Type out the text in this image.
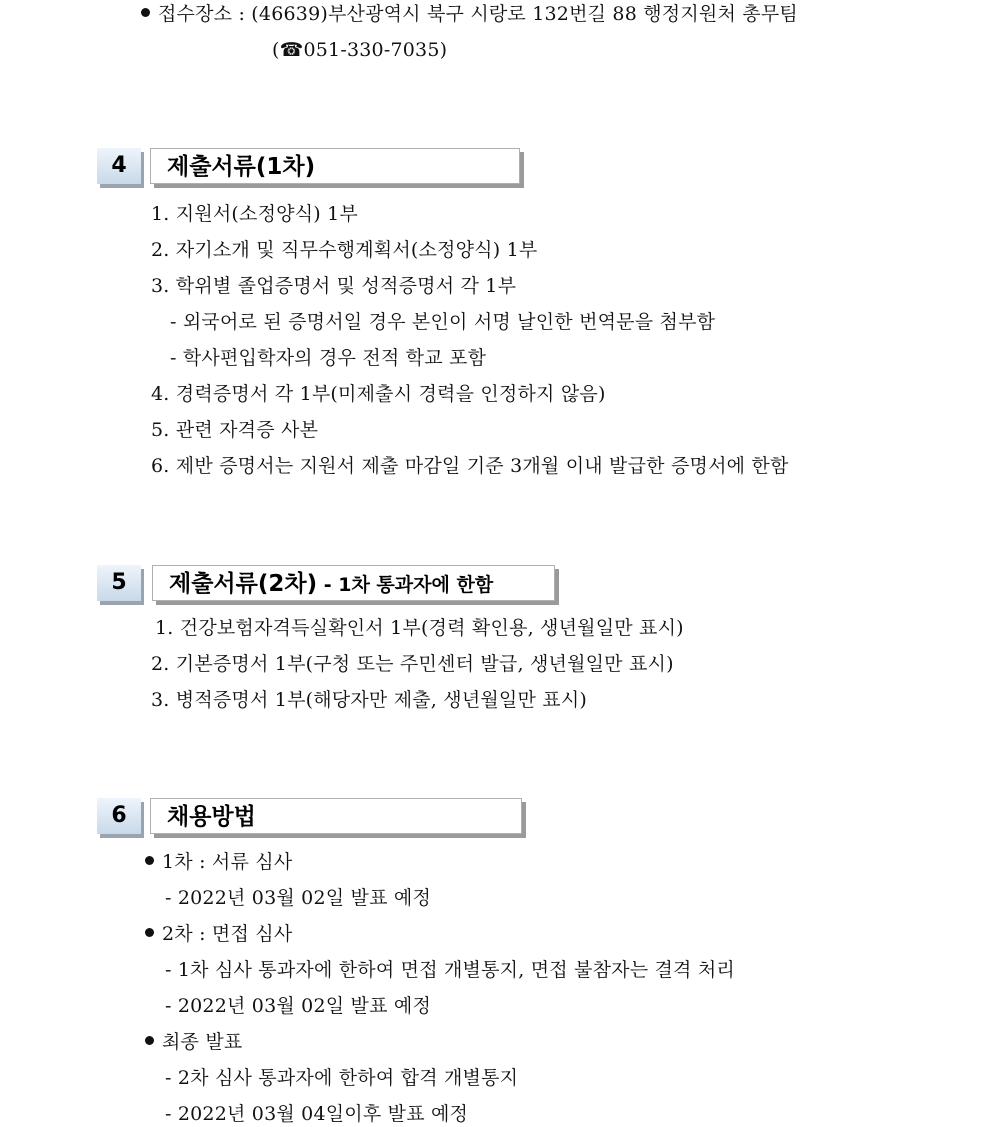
접수장소 : (46639)부산광역시 북구 시랑로 132번길 88 행정지원처 총무팀
(☎051-330-7035)
4	제출서류(1차)
1. 지원서(소정양식) 1부
2. 자기소개 및 직무수행계획서(소정양식) 1부
3. 학위별 졸업증명서 및 성적증명서 각 1부
- 외국어로 된 증명서일 경우 본인이 서명 날인한 번역문을 첨부함
- 학사편입학자의 경우 전적 학교 포함
4. 경력증명서 각 1부(미제출시 경력을 인정하지 않음)
5. 관련 자격증 사본
6. 제반 증명서는 지원서 제출 마감일 기준 3개월 이내 발급한 증명서에 한함
5	제출서류(2차) - 1차 통과자에 한함
1. 건강보험자격득실확인서 1부(경력 확인용, 생년월일만 표시)
2. 기본증명서 1부(구청 또는 주민센터 발급, 생년월일만 표시)
3. 병적증명서 1부(해당자만 제출, 생년월일만 표시)
6	채용방법
1차 : 서류 심사
- 2022년 03월 02일 발표 예정
2차 : 면접 심사
- 1차 심사 통과자에 한하여 면접 개별통지, 면접 불참자는 결격 처리
- 2022년 03월 02일 발표 예정
최종 발표
- 2차 심사 통과자에 한하여 합격 개별통지
- 2022년 03월 04일이후 발표 예정
